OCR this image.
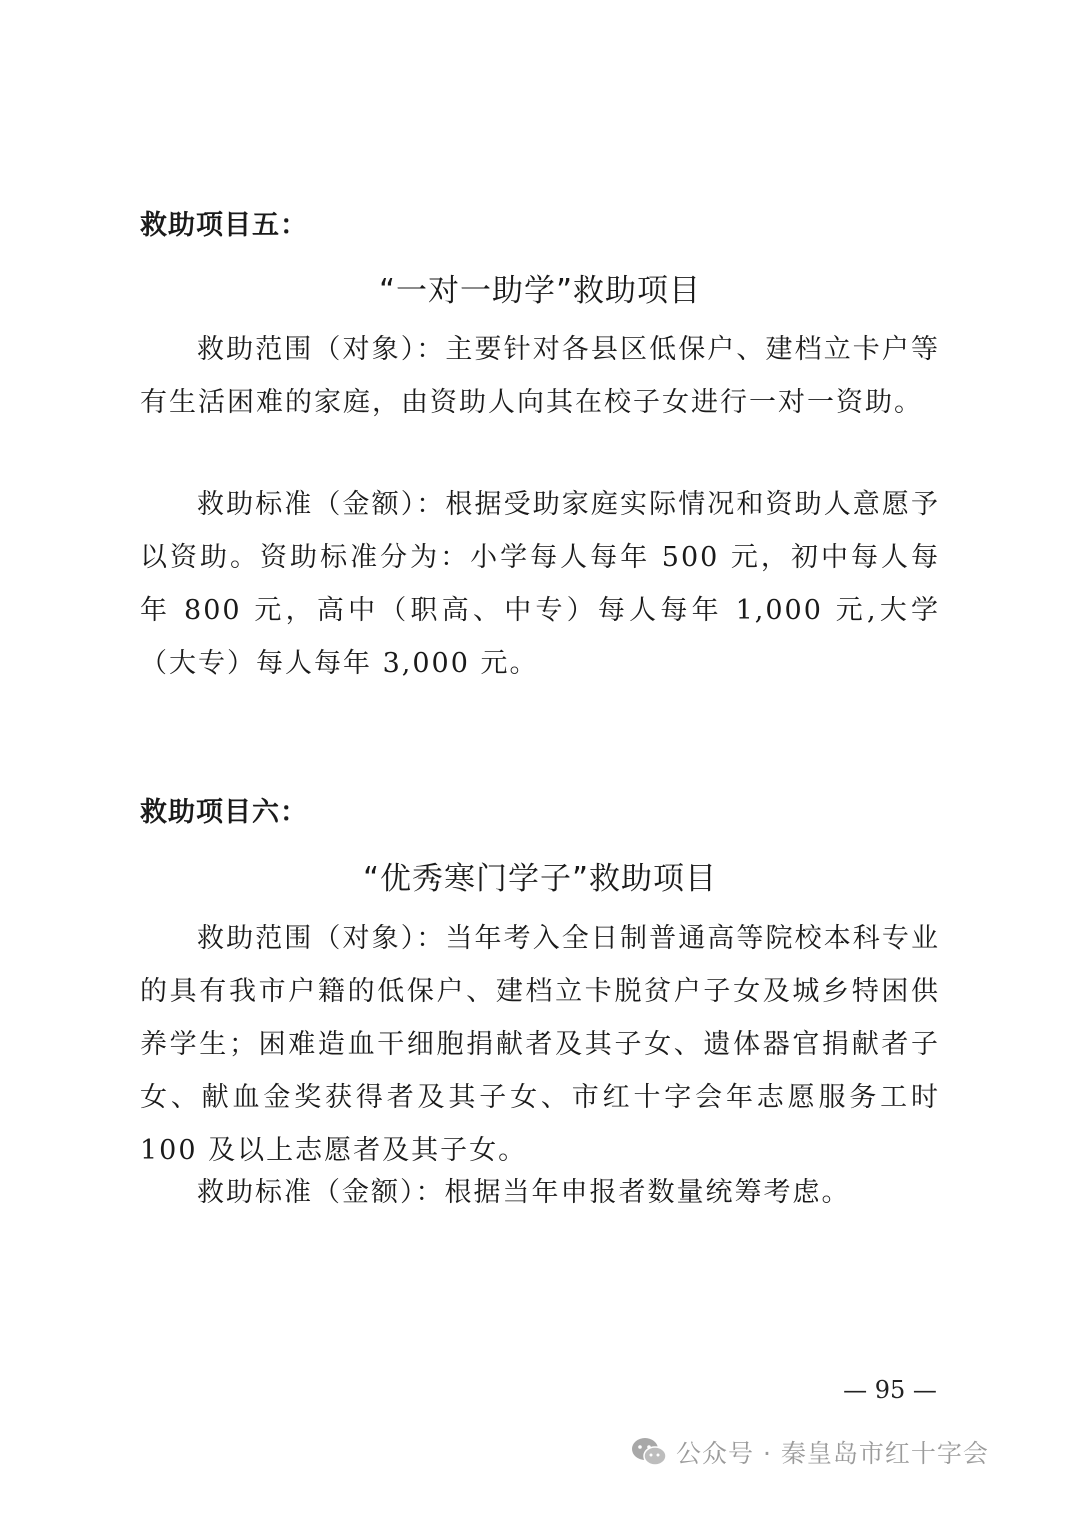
救助项目五：
“一对一助学”救助项目

救助范围（对象）：主要针对各县区低保户、建档立卡户等有生活困难的家庭，由资助人向其在校子女进行一对一资助。

救助标准（金额）：根据受助家庭实际情况和资助人意愿予以资助。资助标准分为：小学每人每年 500 元，初中每人每年 800 元，高中（职高、中专）每人每年 1,000 元,大学（大专）每人每年 3,000 元。

救助项目六：
“优秀寒门学子”救助项目

救助范围（对象）：当年考入全日制普通高等院校本科专业的具有我市户籍的低保户、建档立卡脱贫户子女及城乡特困供养学生；困难造血干细胞捐献者及其子女、遗体器官捐献者子女、献血金奖获得者及其子女、市红十字会年志愿服务工时 100 及以上志愿者及其子女。

救助标准（金额）：根据当年申报者数量统筹考虑。

— 95 —
公众号 · 秦皇岛市红十字会
